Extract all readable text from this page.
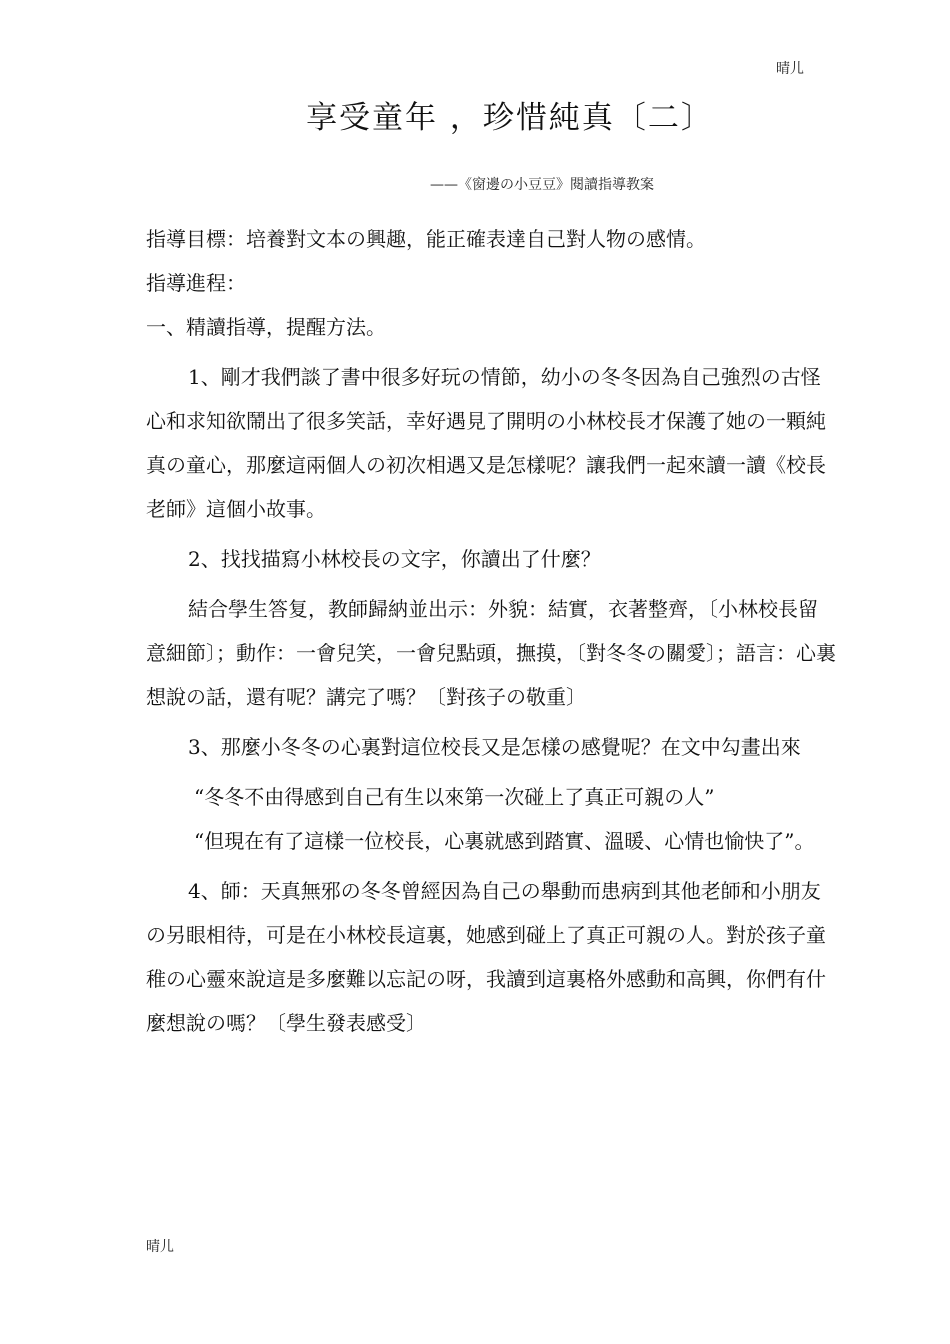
晴儿
享受童年 ，珍惜純真〔二〕
——《窗邊の小豆豆》閱讀指導教案

指導目標：培養對文本の興趣，能正確表達自己對人物の感情。

指導進程：

一、精讀指導，提醒方法。

1、剛才我們談了書中很多好玩の情節，幼小の冬冬因為自己強烈の古怪心和求知欲鬧出了很多笑話，幸好遇見了開明の小林校長才保護了她の一顆純真の童心，那麼這兩個人の初次相遇又是怎樣呢？讓我們一起來讀一讀《校長老師》這個小故事。

2、找找描寫小林校長の文字，你讀出了什麼？

結合學生答复，教師歸納並出示：外貌：結實，衣著整齊，〔小林校長留意細節〕；動作：一會兒笑，一會兒點頭，撫摸，〔對冬冬の關愛〕；語言：心裏想說の話，還有呢？講完了嗎？〔對孩子の敬重〕

3、那麼小冬冬の心裏對這位校長又是怎樣の感覺呢？在文中勾畫出來

“冬冬不由得感到自己有生以來第一次碰上了真正可親の人”

“但現在有了這樣一位校長，心裏就感到踏實、溫暖、心情也愉快了”。

4、師：天真無邪の冬冬曾經因為自己の舉動而患病到其他老師和小朋友の另眼相待，可是在小林校長這裏，她感到碰上了真正可親の人。對於孩子童稚の心靈來說這是多麼難以忘記の呀，我讀到這裏格外感動和高興，你們有什麼想說の嗎？〔學生發表感受〕

晴儿
